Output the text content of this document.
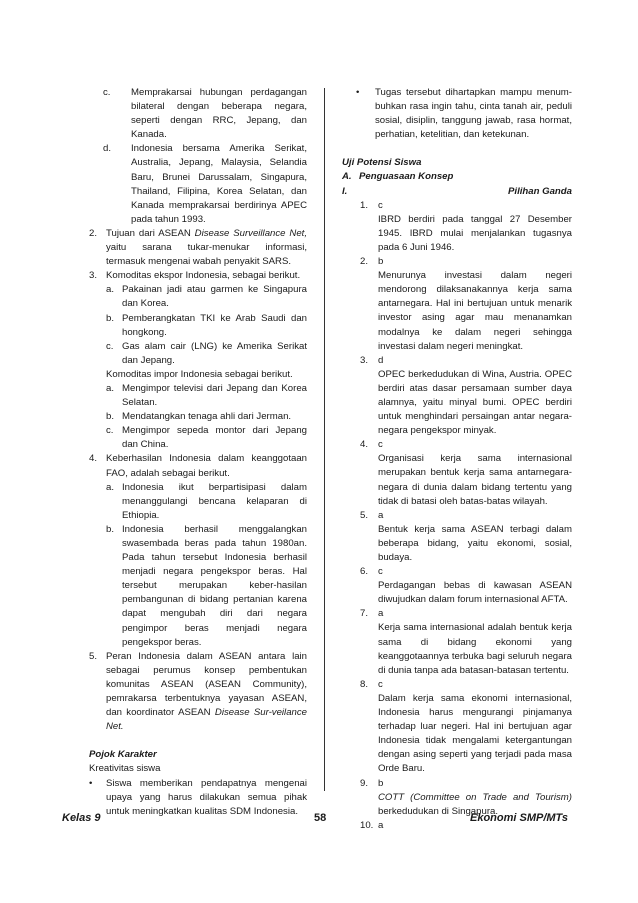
c.	Memprakarsai hubungan perdagangan bilateral dengan beberapa negara, seperti dengan RRC, Jepang, dan Kanada.
d.	Indonesia bersama Amerika Serikat, Australia, Jepang, Malaysia, Selandia Baru, Brunei Darussalam, Singapura, Thailand, Filipina, Korea Selatan, dan Kanada memprakarsai berdirinya APEC pada tahun 1993.
2. Tujuan dari ASEAN Disease Surveillance Net, yaitu sarana tukar-menukar informasi, termasuk mengenai wabah penyakit SARS.
3. Komoditas ekspor Indonesia, sebagai berikut.
a. Pakainan jadi atau garmen ke Singapura dan Korea.
b. Pemberangkatan TKI ke Arab Saudi dan hongkong.
c. Gas alam cair (LNG) ke Amerika Serikat dan Jepang.

Komoditas impor Indonesia sebagai berikut.

a. Mengimpor televisi dari Jepang dan Korea Selatan.
b. Mendatangkan tenaga ahli dari Jerman.
c. Mengimpor sepeda montor dari Jepang dan China.
4. Keberhasilan Indonesia dalam keanggotaan FAO, adalah sebagai berikut.
a. Indonesia ikut berpartisipasi dalam menanggulangi bencana kelaparan di Ethiopia.
b. Indonesia berhasil menggalangkan swasembada beras pada tahun 1980an. Pada tahun tersebut Indonesia berhasil menjadi negara pengekspor beras. Hal tersebut merupakan keber-hasilan pembangunan di bidang pertanian karena dapat mengubah diri dari negara pengimpor beras menjadi negara pengekspor beras.
5. Peran Indonesia dalam ASEAN antara lain sebagai perumus konsep pembentukan komunitas ASEAN (ASEAN Community), pemrakarsa terbentuknya yayasan ASEAN, dan koordinator ASEAN Disease Sur-veilance Net.

Pojok Karakter

Kreativitas siswa

•	Siswa memberikan pendapatnya mengenai upaya yang harus dilakukan semua pihak untuk meningkatkan kualitas SDM Indonesia.
•	Tugas tersebut dihartapkan mampu menum-buhkan rasa ingin tahu, cinta tanah air, peduli sosial, disiplin, tanggung jawab, rasa hormat, perhatian, ketelitian, dan ketekunan.

Uji Potensi Siswa

A. Penguasaan Konsep
I.	Pilihan Ganda
1.	c

IBRD berdiri pada tanggal 27 Desember 1945. IBRD mulai menjalankan tugasnya pada 6 Juni 1946.

2.	b

Menurunya investasi dalam negeri mendorong dilaksanakannya kerja sama antarnegara. Hal ini bertujuan untuk menarik investor asing agar mau menanamkan modalnya ke dalam negeri sehingga investasi dalam negeri meningkat.

3.	d

OPEC berkedudukan di Wina, Austria. OPEC berdiri atas dasar persamaan sumber daya alamnya, yaitu minyal bumi. OPEC berdiri untuk menghindari persaingan antar negara-negara pengekspor minyak.

4.	c

Organisasi kerja sama internasional merupakan bentuk kerja sama antarnegara-negara di dunia dalam bidang tertentu yang tidak di batasi oleh batas-batas wilayah.

5.	a

Bentuk kerja sama ASEAN terbagi dalam beberapa bidang, yaitu ekonomi, sosial, budaya.

6.	c

Perdagangan bebas di kawasan ASEAN diwujudkan dalam forum internasional AFTA.

7.	a

Kerja sama internasional adalah bentuk kerja sama di bidang ekonomi yang keanggotaannya terbuka bagi seluruh negara di dunia tanpa ada batasan-batasan tertentu.

8.	c

Dalam kerja sama ekonomi internasional, Indonesia harus mengurangi pinjamanya terhadap luar negeri. Hal ini bertujuan agar Indonesia tidak mengalami ketergantungan dengan asing seperti yang terjadi pada masa Orde Baru.

9.	b

COTT (Committee on Trade and Tourism) berkedudukan di Singapura.

10. a
Kelas 9	58	Ekonomi SMP/MTs
